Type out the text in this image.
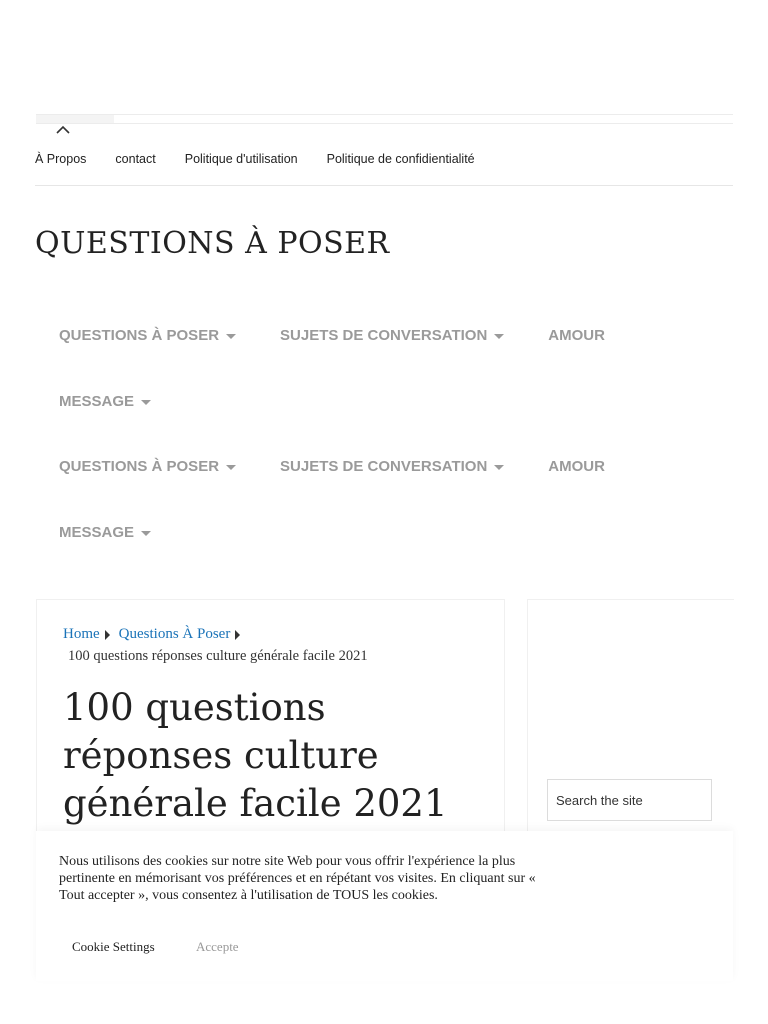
À Propos contact Politique d'utilisation Politique de confidientialité
QUESTIONS À POSER
QUESTIONS À POSER	SUJETS DE CONVERSATION	AMOUR
MESSAGE
QUESTIONS À POSER	SUJETS DE CONVERSATION	AMOUR
MESSAGE
Home Questions À Poser
100 questions réponses culture générale facile 2021
100 questions réponses culture générale facile 2021
Search the site
Nous utilisons des cookies sur notre site Web pour vous offrir l'expérience la plus pertinente en mémorisant vos préférences et en répétant vos visites. En cliquant sur « Tout accepter », vous consentez à l'utilisation de TOUS les cookies.
Cookie Settings	Accepte
